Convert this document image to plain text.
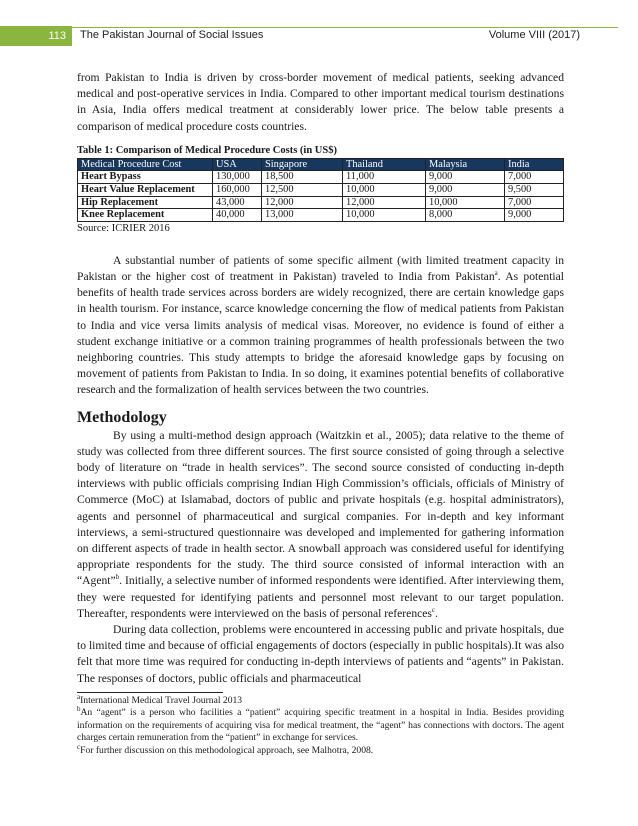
113	The Pakistan Journal of Social Issues	Volume VIII (2017)

from Pakistan to India is driven by cross-border movement of medical patients, seeking advanced medical and post-operative services in India. Compared to other important medical tourism destinations in Asia, India offers medical treatment at considerably lower price. The below table presents a comparison of medical procedure costs countries.

Table 1: Comparison of Medical Procedure Costs (in US$)
Medical Procedure Cost	USA	Singapore	Thailand	Malaysia	India
Heart Bypass	130,000	18,500	11,000	9,000	7,000
Heart Value Replacement	160,000	12,500	10,000	9,000	9,500
Hip Replacement	43,000	12,000	12,000	10,000	7,000
Knee Replacement	40,000	13,000	10,000	8,000	9,000
Source: ICRIER 2016

A substantial number of patients of some specific ailment (with limited treatment capacity in Pakistan or the higher cost of treatment in Pakistan) traveled to India from Pakistan$^a$. As potential benefits of health trade services across borders are widely recognized, there are certain knowledge gaps in health tourism. For instance, scarce knowledge concerning the flow of medical patients from Pakistan to India and vice versa limits analysis of medical visas. Moreover, no evidence is found of either a student exchange initiative or a common training programmes of health professionals between the two neighboring countries. This study attempts to bridge the aforesaid knowledge gaps by focusing on movement of patients from Pakistan to India. In so doing, it examines potential benefits of collaborative research and the formalization of health services between the two countries.

Methodology

By using a multi-method design approach (Waitzkin et al., 2005); data relative to the theme of study was collected from three different sources. The first source consisted of going through a selective body of literature on “trade in health services”. The second source consisted of conducting in-depth interviews with public officials comprising Indian High Commission’s officials, officials of Ministry of Commerce (MoC) at Islamabad, doctors of public and private hospitals (e.g. hospital administrators), agents and personnel of pharmaceutical and surgical companies. For in-depth and key informant interviews, a semi-structured questionnaire was developed and implemented for gathering information on different aspects of trade in health sector. A snowball approach was considered useful for identifying appropriate respondents for the study. The third source consisted of informal interaction with an “Agent”$^b$. Initially, a selective number of informed respondents were identified. After interviewing them, they were requested for identifying patients and personnel most relevant to our target population. Thereafter, respondents were interviewed on the basis of personal references$^c$.

During data collection, problems were encountered in accessing public and private hospitals, due to limited time and because of official engagements of doctors (especially in public hospitals).It was also felt that more time was required for conducting in-depth interviews of patients and “agents” in Pakistan. The responses of doctors, public officials and pharmaceutical

$^a$International Medical Travel Journal 2013

$^b$An “agent” is a person who facilities a “patient” acquiring specific treatment in a hospital in India. Besides providing information on the requirements of acquiring visa for medical treatment, the “agent” has connections with doctors. The agent charges certain remuneration from the “patient” in exchange for services.

$^c$For further discussion on this methodological approach, see Malhotra, 2008.
